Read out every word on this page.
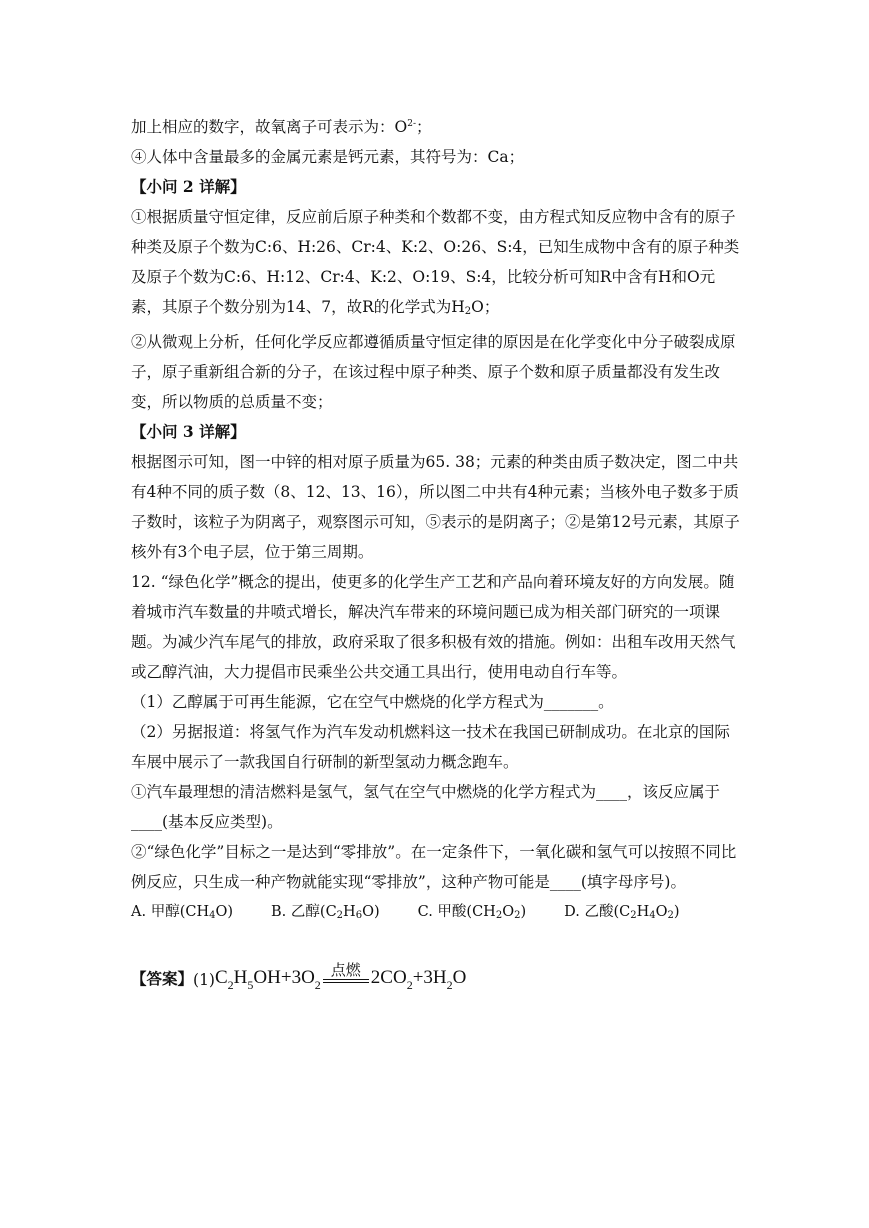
加上相应的数字，故氧离子可表示为：$O^{2-}$；

④人体中含量最多的金属元素是钙元素，其符号为：Ca；

【小问 2 详解】

①根据质量守恒定律，反应前后原子种类和个数都不变，由方程式知反应物中含有的原子种类及原子个数为C:6、H:26、Cr:4、K:2、O:26、S:4，已知生成物中含有的原子种类及原子个数为C:6、H:12、Cr:4、K:2、O:19、S:4，比较分析可知R中含有H和O元素，其原子个数分别为14、7，故R的化学式为$H_2O$；

②从微观上分析，任何化学反应都遵循质量守恒定律的原因是在化学变化中分子破裂成原子，原子重新组合新的分子，在该过程中原子种类、原子个数和原子质量都没有发生改变，所以物质的总质量不变；

【小问 3 详解】

根据图示可知，图一中锌的相对原子质量为65. 38；元素的种类由质子数决定，图二中共有4种不同的质子数（8、12、13、16），所以图二中共有4种元素；当核外电子数多于质子数时，该粒子为阴离子，观察图示可知，⑤表示的是阴离子；②是第12号元素，其原子核外有3个电子层，位于第三周期。

12. “绿色化学”概念的提出，使更多的化学生产工艺和产品向着环境友好的方向发展。随着城市汽车数量的井喷式增长，解决汽车带来的环境问题已成为相关部门研究的一项课题。为减少汽车尾气的排放，政府采取了很多积极有效的措施。例如：出租车改用天然气或乙醇汽油，大力提倡市民乘坐公共交通工具出行，使用电动自行车等。

（1）乙醇属于可再生能源，它在空气中燃烧的化学方程式为_______。

（2）另据报道：将氢气作为汽车发动机燃料这一技术在我国已研制成功。在北京的国际车展中展示了一款我国自行研制的新型氢动力概念跑车。

①汽车最理想的清洁燃料是氢气，氢气在空气中燃烧的化学方程式为____，该反应属于____(基本反应类型)。

②“绿色化学”目标之一是达到“零排放”。在一定条件下，一氧化碳和氢气可以按照不同比例反应，只生成一种产物就能实现“零排放”，这种产物可能是____(填字母序号)。

A. 甲醇$(CH_4O)$	B. 乙醇$(C_2H_6O)$	C. 甲酸$(CH_2O_2)$	D. 乙酸$(C_2H_4O_2)$

【答案】 (1) C 2 H 5 OH+3O 2
点燃 2CO 2 +3H 2 O
